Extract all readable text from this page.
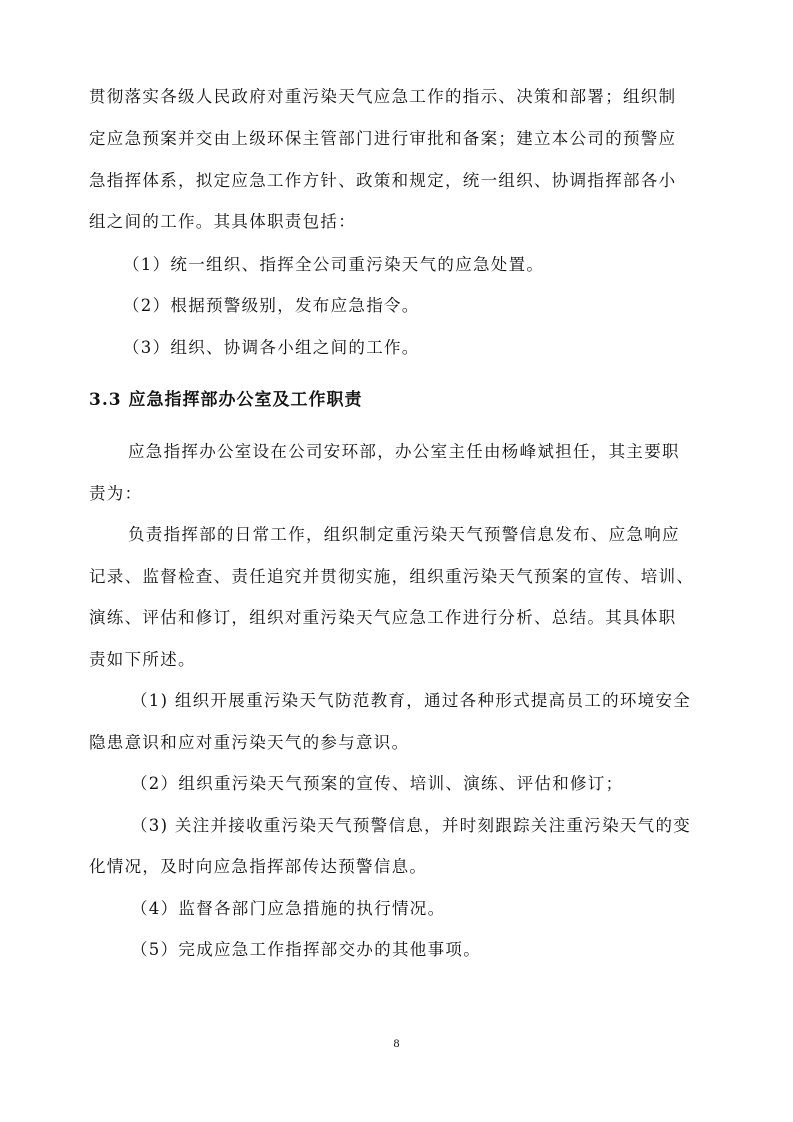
贯彻落实各级人民政府对重污染天气应急工作的指示、决策和部署；组织制
定应急预案并交由上级环保主管部门进行审批和备案；建立本公司的预警应
急指挥体系，拟定应急工作方针、政策和规定，统一组织、协调指挥部各小
组之间的工作。其具体职责包括：
（1）统一组织、指挥全公司重污染天气的应急处置。
（2）根据预警级别，发布应急指令。
（3）组织、协调各小组之间的工作。
3.3 应急指挥部办公室及工作职责
应急指挥办公室设在公司安环部，办公室主任由杨峰斌担任，其主要职
责为：
负责指挥部的日常工作，组织制定重污染天气预警信息发布、应急响应
记录、监督检查、责任追究并贯彻实施，组织重污染天气预案的宣传、培训、
演练、评估和修订，组织对重污染天气应急工作进行分析、总结。其具体职
责如下所述。
（1) 组织开展重污染天气防范教育，通过各种形式提高员工的环境安全
隐患意识和应对重污染天气的参与意识。
（2）组织重污染天气预案的宣传、培训、演练、评估和修订；
（3) 关注并接收重污染天气预警信息，并时刻跟踪关注重污染天气的变
化情况，及时向应急指挥部传达预警信息。
（4）监督各部门应急措施的执行情况。
（5）完成应急工作指挥部交办的其他事项。
8
